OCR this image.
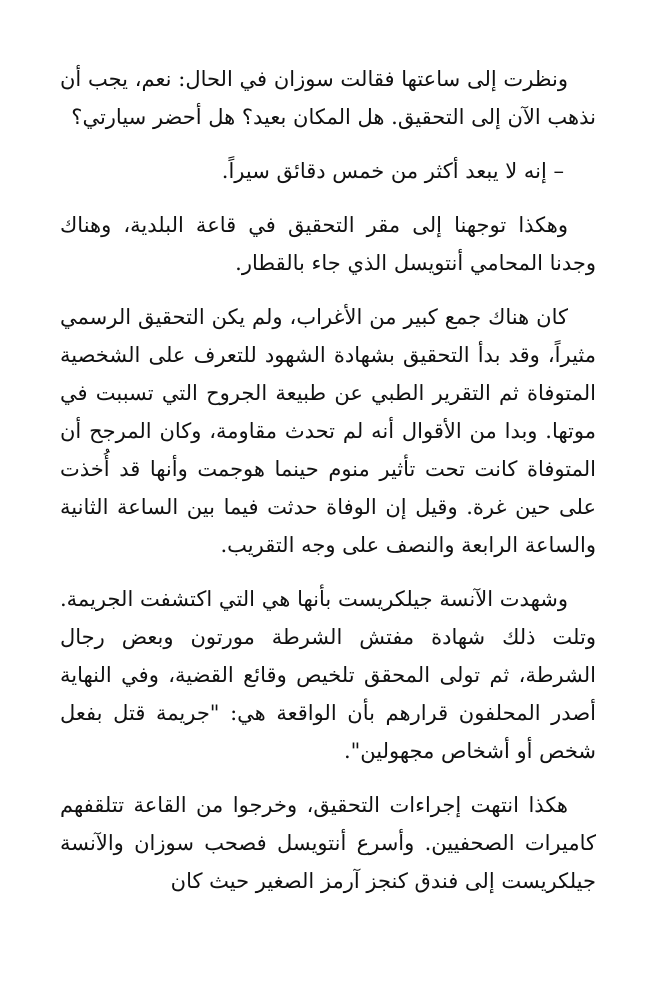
ونظرت إلى ساعتها فقالت سوزان في الحال: نعم، يجب أن نذهب الآن إلى التحقيق. هل المكان بعيد؟ هل أحضر سيارتي؟

– إنه لا يبعد أكثر من خمس دقائق سيراً.

وهكذا توجهنا إلى مقر التحقيق في قاعة البلدية، وهناك وجدنا المحامي أنتويسل الذي جاء بالقطار.

كان هناك جمع كبير من الأغراب، ولم يكن التحقيق الرسمي مثيراً، وقد بدأ التحقيق بشهادة الشهود للتعرف على الشخصية المتوفاة ثم التقرير الطبي عن طبيعة الجروح التي تسببت في موتها. وبدا من الأقوال أنه لم تحدث مقاومة، وكان المرجح أن المتوفاة كانت تحت تأثير منوم حينما هوجمت وأنها قد أُخذت على حين غرة. وقيل إن الوفاة حدثت فيما بين الساعة الثانية والساعة الرابعة والنصف على وجه التقريب.

وشهدت الآنسة جيلكريست بأنها هي التي اكتشفت الجريمة. وتلت ذلك شهادة مفتش الشرطة مورتون وبعض رجال الشرطة، ثم تولى المحقق تلخيص وقائع القضية، وفي النهاية أصدر المحلفون قرارهم بأن الواقعة هي: "جريمة قتل بفعل شخص أو أشخاص مجهولين".

هكذا انتهت إجراءات التحقيق، وخرجوا من القاعة تتلقفهم كاميرات الصحفيين. وأسرع أنتويسل فصحب سوزان والآنسة جيلكريست إلى فندق كنجز آرمز الصغير حيث كان
